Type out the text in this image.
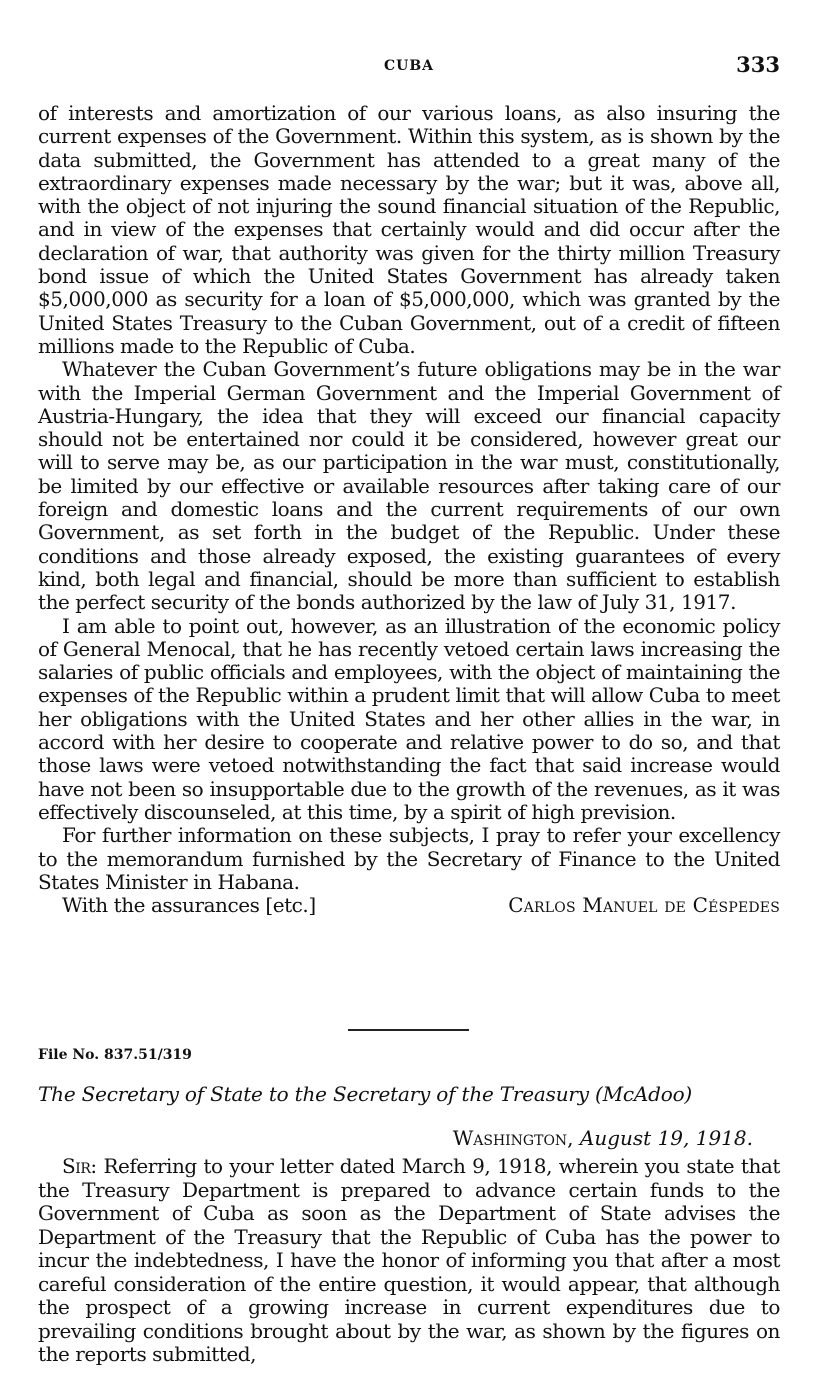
CUBA	333

of interests and amortization of our various loans, as also insuring the current expenses of the Government. Within this system, as is shown by the data submitted, the Government has attended to a great many of the extraordinary expenses made necessary by the war; but it was, above all, with the object of not injuring the sound financial situation of the Republic, and in view of the expenses that certainly would and did occur after the declaration of war, that authority was given for the thirty million Treasury bond issue of which the United States Government has already taken $5,000,000 as security for a loan of $5,000,000, which was granted by the United States Treasury to the Cuban Government, out of a credit of fifteen millions made to the Republic of Cuba.

Whatever the Cuban Government’s future obligations may be in the war with the Imperial German Government and the Imperial Government of Austria-Hungary, the idea that they will exceed our financial capacity should not be entertained nor could it be considered, however great our will to serve may be, as our participation in the war must, constitutionally, be limited by our effective or available resources after taking care of our foreign and domestic loans and the current requirements of our own Government, as set forth in the budget of the Republic. Under these conditions and those already exposed, the existing guarantees of every kind, both legal and financial, should be more than sufficient to establish the perfect security of the bonds authorized by the law of July 31, 1917.

I am able to point out, however, as an illustration of the economic policy of General Menocal, that he has recently vetoed certain laws increasing the salaries of public officials and employees, with the object of maintaining the expenses of the Republic within a prudent limit that will allow Cuba to meet her obligations with the United States and her other allies in the war, in accord with her desire to cooperate and relative power to do so, and that those laws were vetoed notwithstanding the fact that said increase would have not been so insupportable due to the growth of the revenues, as it was effectively discounseled, at this time, by a spirit of high prevision.

For further information on these subjects, I pray to refer your excellency to the memorandum furnished by the Secretary of Finance to the United States Minister in Habana.

With the assurances [etc.]	Carlos Manuel de Céspedes
File No. 837.51/319
The Secretary of State to the Secretary of the Treasury (McAdoo)
Washington, August 19, 1918.
Sir: Referring to your letter dated March 9, 1918, wherein you state that the Treasury Department is prepared to advance certain funds to the Government of Cuba as soon as the Department of State advises the Department of the Treasury that the Republic of Cuba has the power to incur the indebtedness, I have the honor of informing you that after a most careful consideration of the entire question, it would appear, that although the prospect of a growing increase in current expenditures due to prevailing conditions brought about by the war, as shown by the figures on the reports submitted,
